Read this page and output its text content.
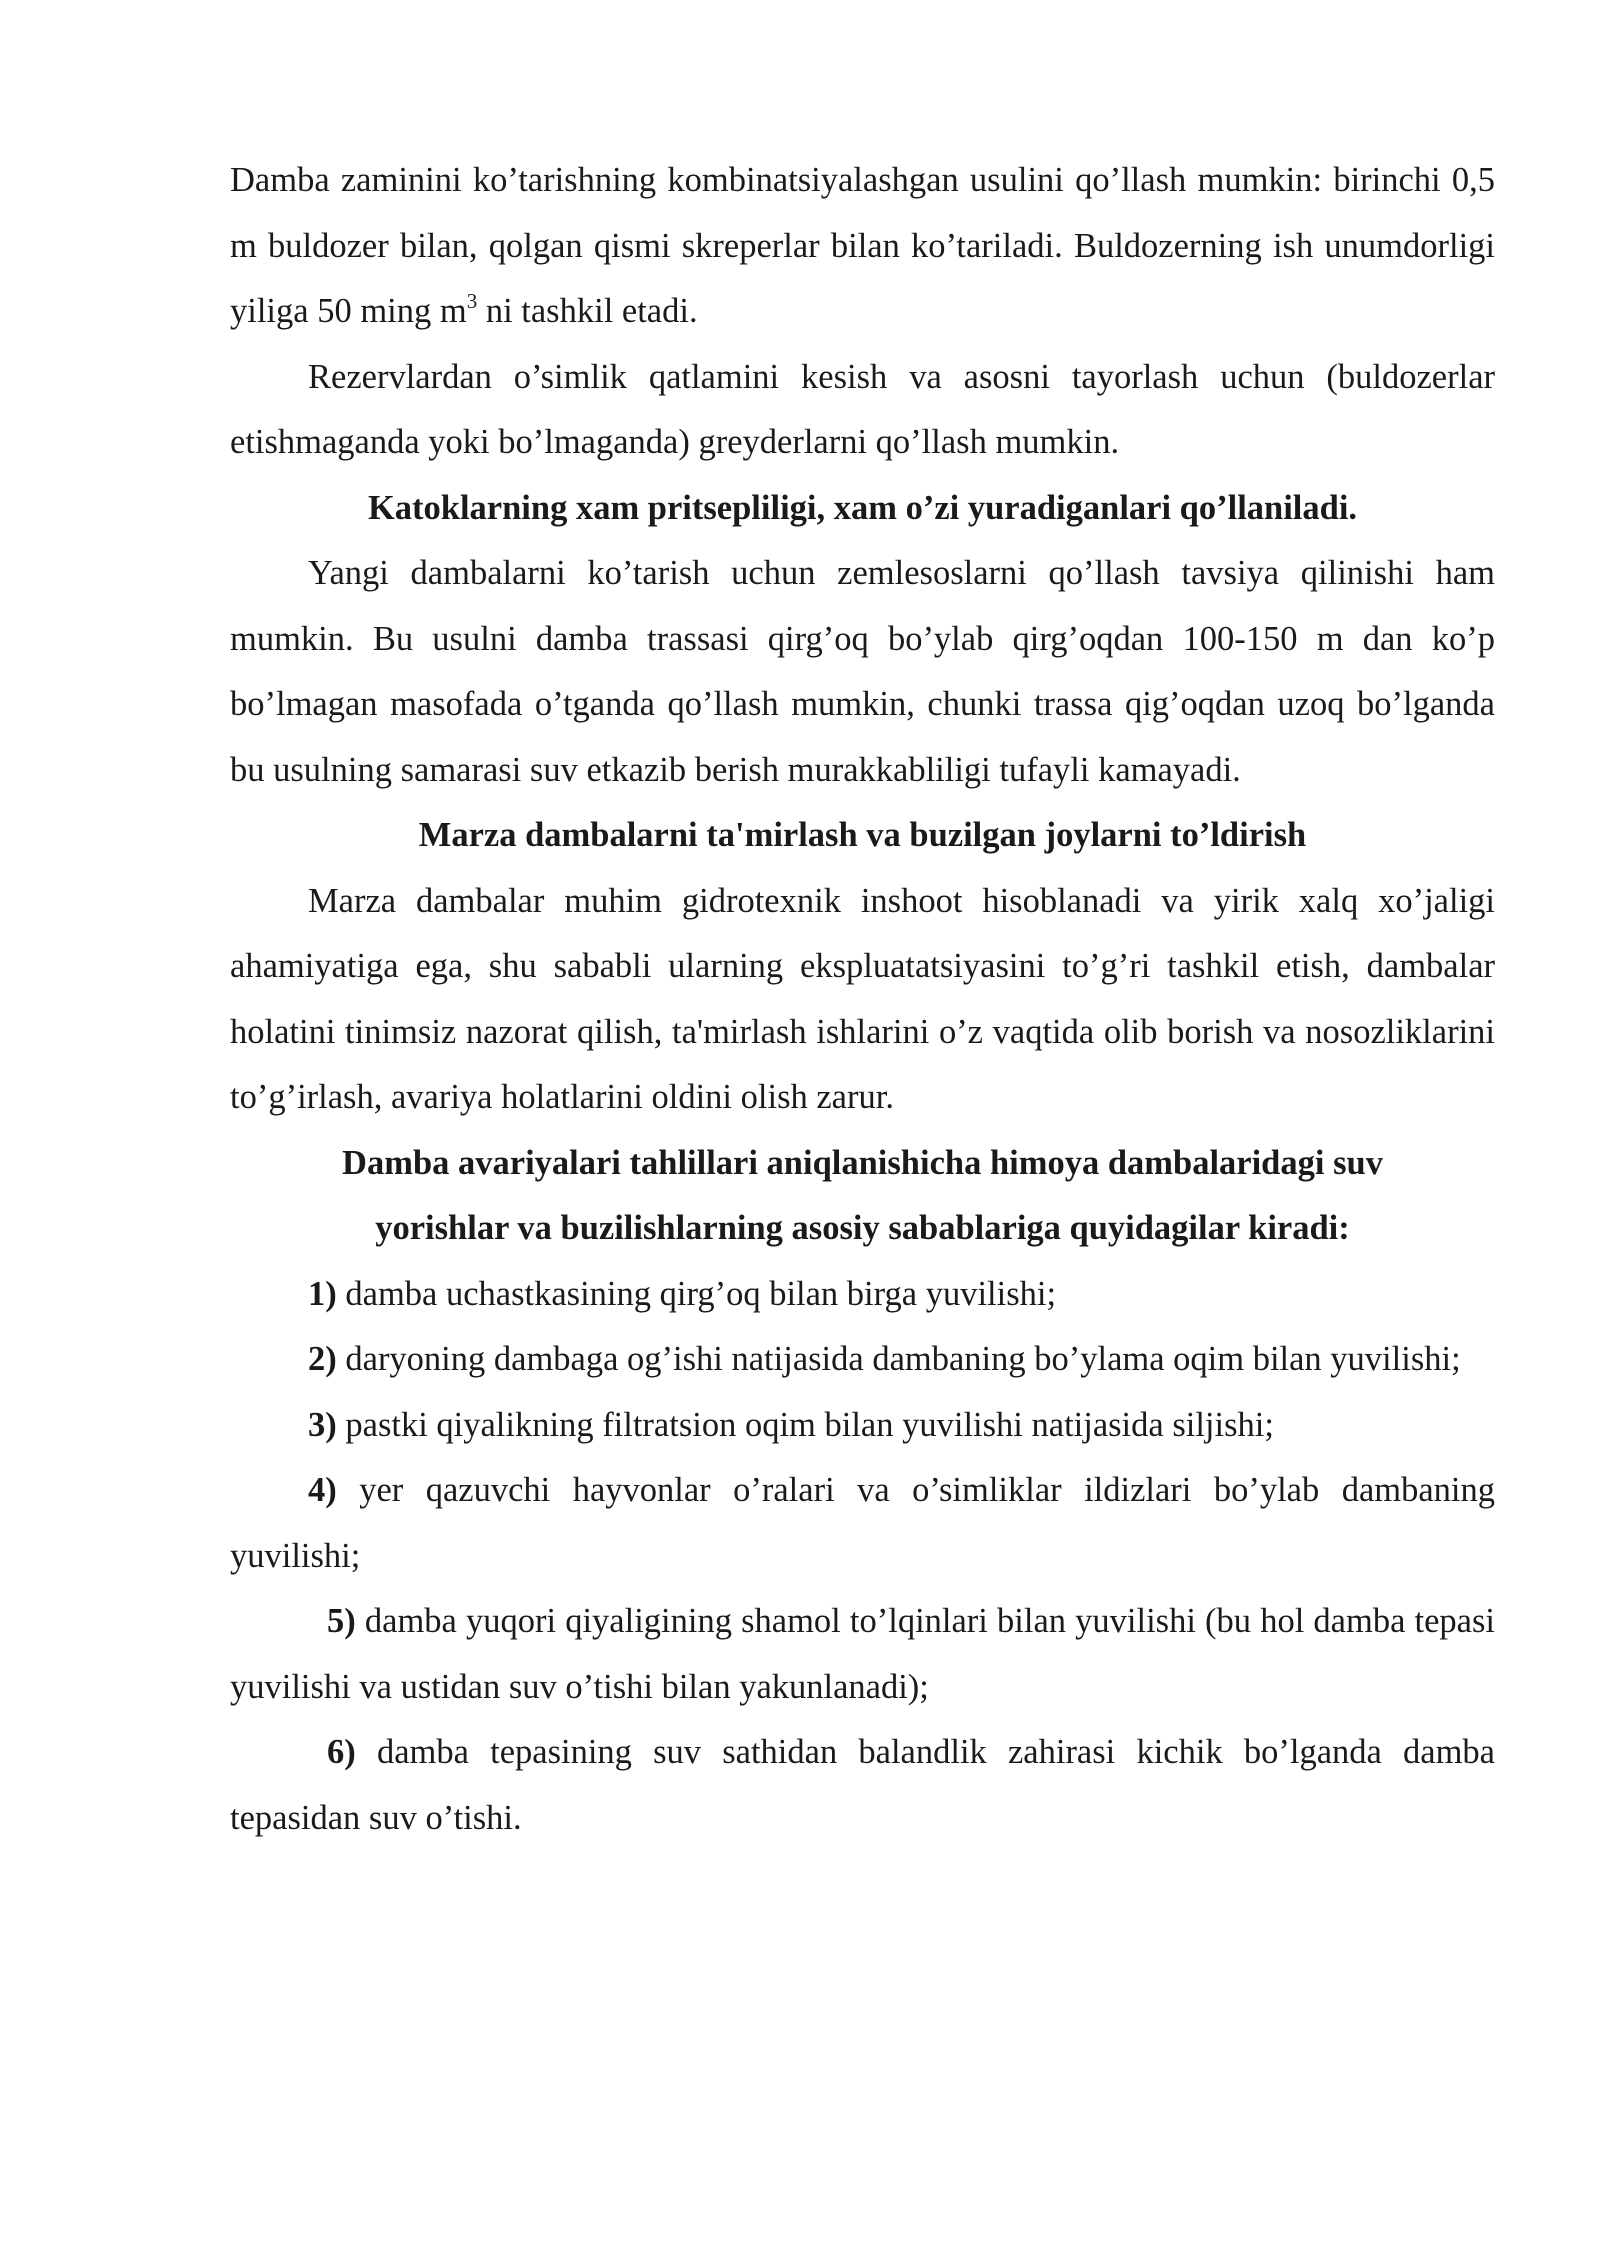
Damba zaminini ko’tarishning kombinatsiyalashgan usulini qo’llash mumkin: birinchi 0,5 m buldozer bilan, qolgan qismi skreperlar bilan ko’tariladi. Buldozerning ish unumdorligi yiliga 50 ming $m^3$ ni tashkil etadi.

Rezervlardan o’simlik qatlamini kesish va asosni tayorlash uchun (buldozerlar etishmaganda yoki bo’lmaganda) greyderlarni qo’llash mumkin.

Katoklarning xam pritsepliligi, xam o’zi yuradiganlari qo’llaniladi.

Yangi dambalarni ko’tarish uchun zemlesoslarni qo’llash tavsiya qilinishi ham mumkin. Bu usulni damba trassasi qirg’oq bo’ylab qirg’oqdan 100-150 m dan ko’p bo’lmagan masofada o’tganda qo’llash mumkin, chunki trassa qig’oqdan uzoq bo’lganda bu usulning samarasi suv etkazib berish murakkabliligi tufayli kamayadi.

Marza dambalarni ta'mirlash va buzilgan joylarni to’ldirish

Marza dambalar muhim gidrotexnik inshoot hisoblanadi va yirik xalq xo’jaligi ahamiyatiga ega, shu sababli ularning ekspluatatsiyasini to’g’ri tashkil etish, dambalar holatini tinimsiz nazorat qilish, ta'mirlash ishlarini o’z vaqtida olib borish va nosozliklarini to’g’irlash, avariya holatlarini oldini olish zarur.

Damba avariyalari tahlillari aniqlanishicha himoya dambalaridagi suv

yorishlar va buzilishlarning asosiy sabablariga quyidagilar kiradi:

1) damba uchastkasining qirg’oq bilan birga yuvilishi;

2) daryoning dambaga og’ishi natijasida dambaning bo’ylama oqim bilan yuvilishi;

3) pastki qiyalikning filtratsion oqim bilan yuvilishi natijasida siljishi;

4) yer qazuvchi hayvonlar o’ralari va o’simliklar ildizlari bo’ylab dambaning yuvilishi;

5) damba yuqori qiyaligining shamol to’lqinlari bilan yuvilishi (bu hol damba tepasi yuvilishi va ustidan suv o’tishi bilan yakunlanadi);

6) damba tepasining suv sathidan balandlik zahirasi kichik bo’lganda damba tepasidan suv o’tishi.
